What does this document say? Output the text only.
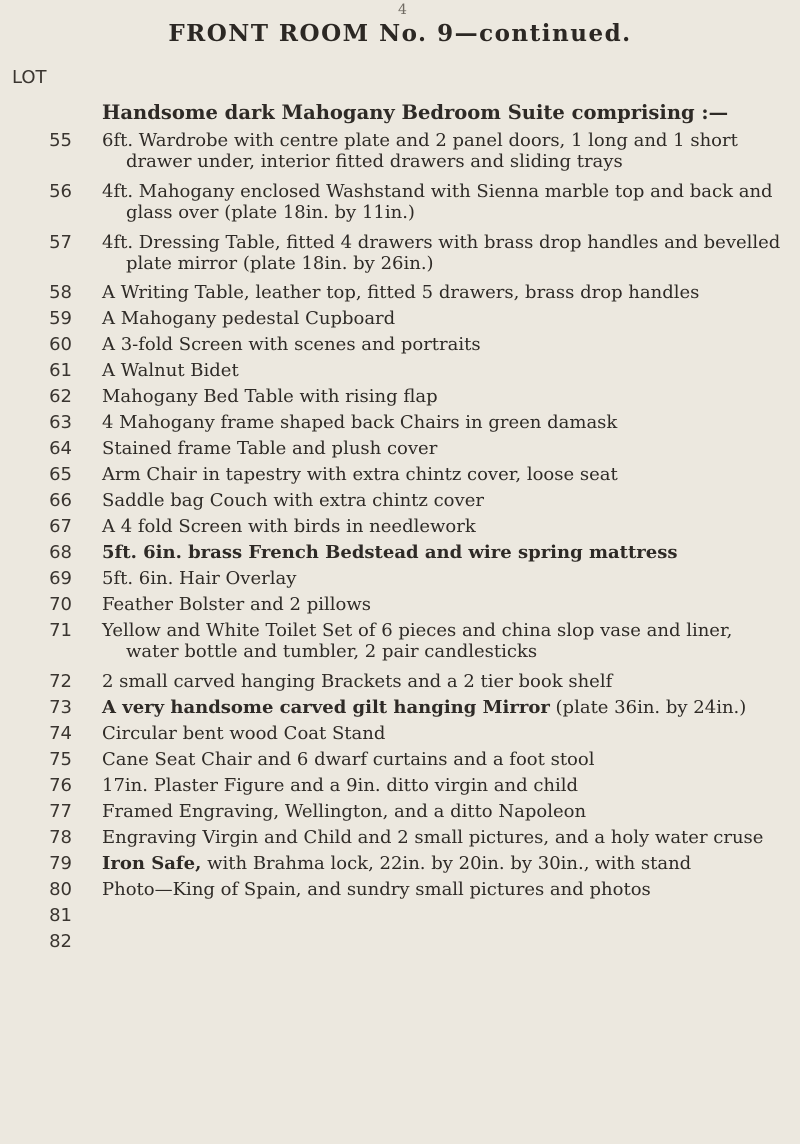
4
FRONT ROOM No. 9—continued.
LOT
Handsome dark Mahogany Bedroom Suite comprising :—
55 6ft. Wardrobe with centre plate and 2 panel doors, 1 long and 1 short
drawer under, interior fitted drawers and sliding trays
56 4ft. Mahogany enclosed Washstand with Sienna marble top and back and
glass over (plate 18in. by 11in.)
57 4ft. Dressing Table, fitted 4 drawers with brass drop handles and bevelled
plate mirror (plate 18in. by 26in.)
58 A Writing Table, leather top, fitted 5 drawers, brass drop handles
59 A Mahogany pedestal Cupboard
60 A 3-fold Screen with scenes and portraits
61 A Walnut Bidet
62 Mahogany Bed Table with rising flap
63 4 Mahogany frame shaped back Chairs in green damask
64 Stained frame Table and plush cover
65 Arm Chair in tapestry with extra chintz cover, loose seat
66 Saddle bag Couch with extra chintz cover
67 A 4 fold Screen with birds in needlework
68 5ft. 6in. brass French Bedstead and wire spring mattress
69 5ft. 6in. Hair Overlay
70 Feather Bolster and 2 pillows
71 Yellow and White Toilet Set of 6 pieces and china slop vase and liner,
water bottle and tumbler, 2 pair candlesticks
72 2 small carved hanging Brackets and a 2 tier book shelf
73 A very handsome carved gilt hanging Mirror (plate 36in. by 24in.)
74 Circular bent wood Coat Stand
75 Cane Seat Chair and 6 dwarf curtains and a foot stool
76 17in. Plaster Figure and a 9in. ditto virgin and child
77 Framed Engraving, Wellington, and a ditto Napoleon
78 Engraving Virgin and Child and 2 small pictures, and a holy water cruse
79 Iron Safe, with Brahma lock, 22in. by 20in. by 30in., with stand
80 Photo—King of Spain, and sundry small pictures and photos
81
82
